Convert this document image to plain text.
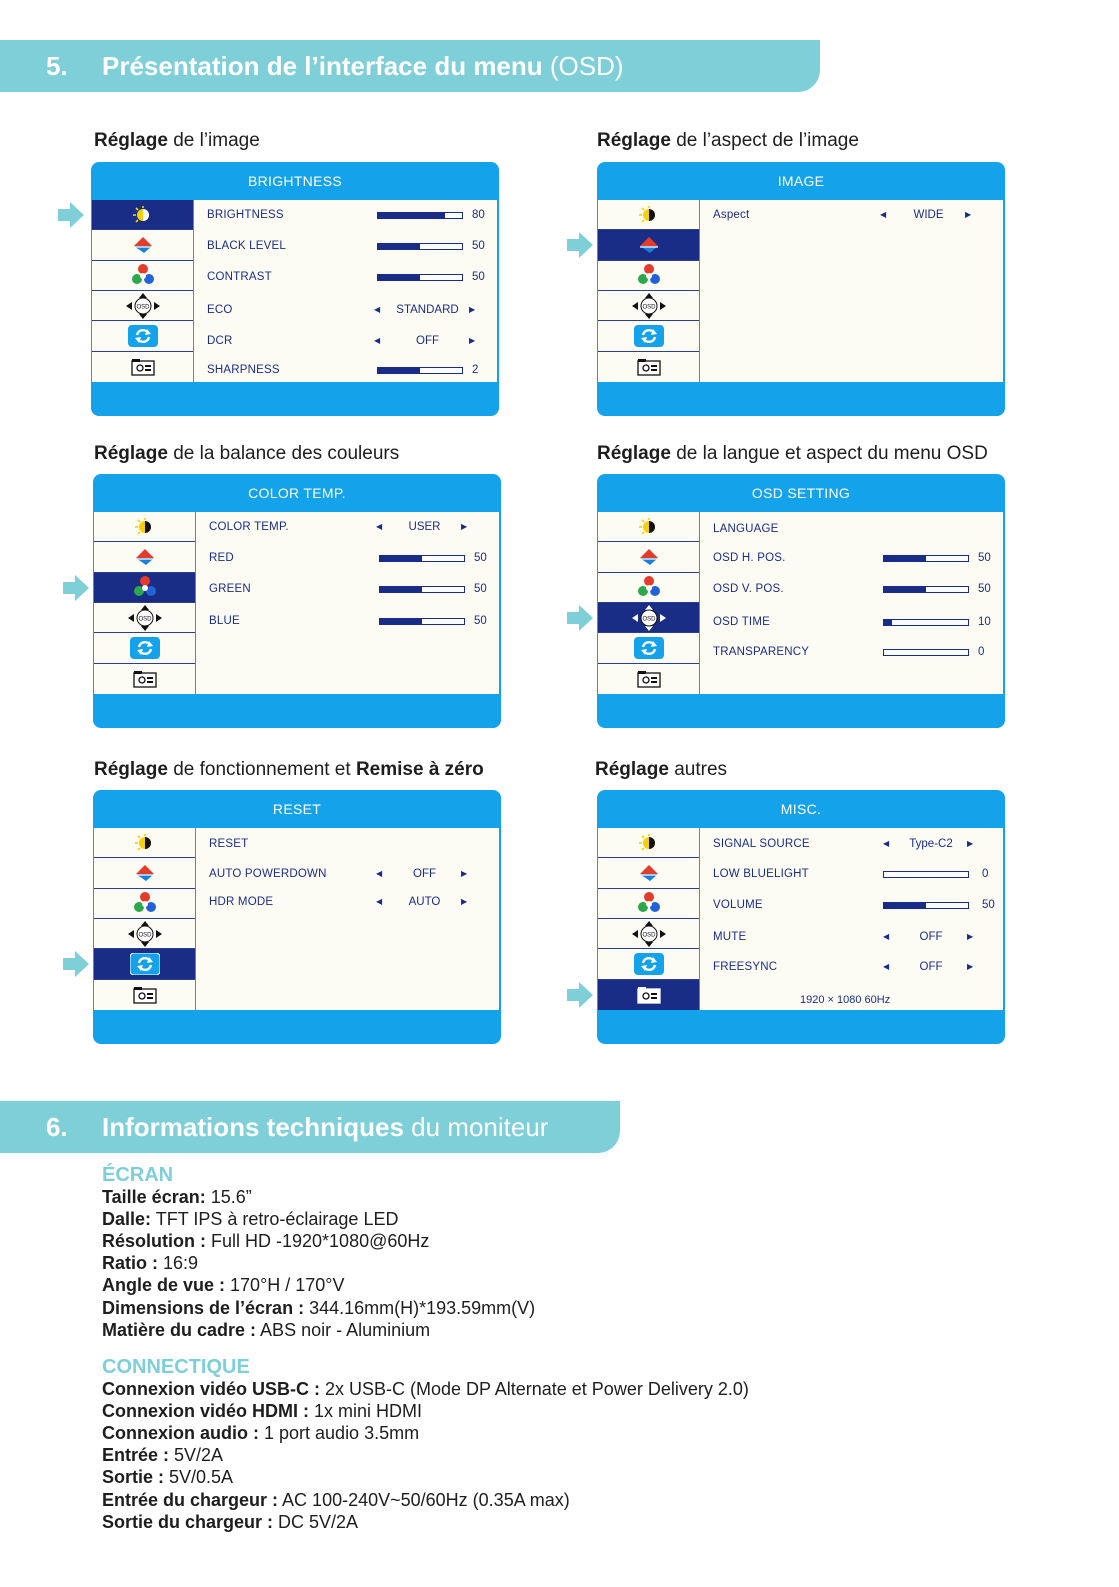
5.	Présentation de l’interface du menu (OSD)
Réglage de l’image
BRIGHTNESS
OSD
BRIGHTNESS	80
BLACK LEVEL	50
CONTRAST	50
ECO	◀	STANDARD	▶
DCR	◀	OFF	▶
SHARPNESS	2
Réglage de l’aspect de l’image
IMAGE
OSD
Aspect	◀	WIDE	▶
Réglage de la balance des couleurs
COLOR TEMP.
OSD
COLOR TEMP.	◀	USER	▶
RED	50
GREEN	50
BLUE	50
Réglage de la langue et aspect du menu OSD
OSD SETTING
OSD
LANGUAGE
OSD H. POS.	50
OSD V. POS.	50
OSD TIME	10
TRANSPARENCY	0
Réglage de fonctionnement et Remise à zéro
RESET
OSD
RESET
AUTO POWERDOWN	◀	OFF	▶
HDR MODE	◀	AUTO	▶
Réglage autres
MISC.
OSD
SIGNAL SOURCE	◀	Type-C2	▶
LOW BLUELIGHT	0
VOLUME	50
MUTE	◀	OFF	▶
FREESYNC	◀	OFF	▶
1920 × 1080 60Hz
6.	Informations techniques du moniteur
ÉCRAN
Taille écran: 15.6”
Dalle: TFT IPS à retro-éclairage LED
Résolution : Full HD -1920*1080@60Hz
Ratio : 16:9
Angle de vue : 170°H / 170°V
Dimensions de l’écran : 344.16mm(H)*193.59mm(V)
Matière du cadre : ABS noir - Aluminium
CONNECTIQUE
Connexion vidéo USB-C : 2x USB-C (Mode DP Alternate et Power Delivery 2.0)
Connexion vidéo HDMI : 1x mini HDMI
Connexion audio : 1 port audio 3.5mm
Entrée : 5V/2A
Sortie : 5V/0.5A
Entrée du chargeur : AC 100-240V~50/60Hz (0.35A max)
Sortie du chargeur : DC 5V/2A
